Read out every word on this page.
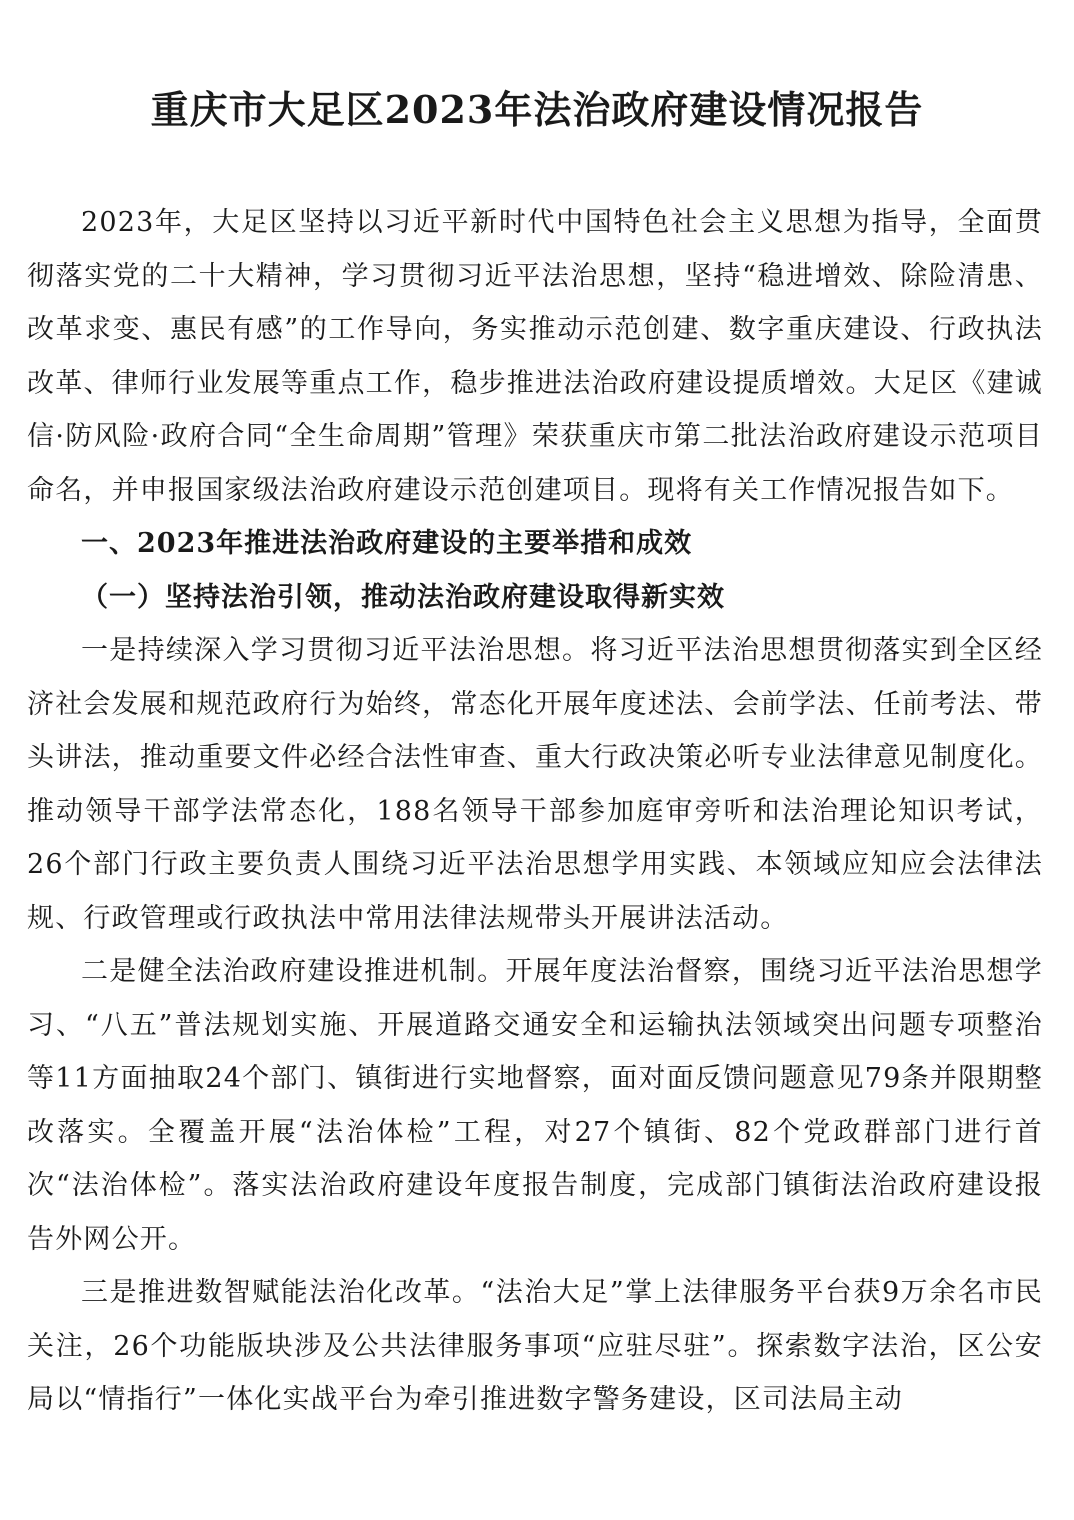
重庆市大足区2023年法治政府建设情况报告

2023年，大足区坚持以习近平新时代中国特色社会主义思想为指导，全面贯彻落实党的二十大精神，学习贯彻习近平法治思想，坚持“稳进增效、除险清患、改革求变、惠民有感”的工作导向，务实推动示范创建、数字重庆建设、行政执法改革、律师行业发展等重点工作，稳步推进法治政府建设提质增效。大足区《建诚信·防风险·政府合同“全生命周期”管理》荣获重庆市第二批法治政府建设示范项目命名，并申报国家级法治政府建设示范创建项目。现将有关工作情况报告如下。

一、2023年推进法治政府建设的主要举措和成效

（一）坚持法治引领，推动法治政府建设取得新实效

一是持续深入学习贯彻习近平法治思想。将习近平法治思想贯彻落实到全区经济社会发展和规范政府行为始终，常态化开展年度述法、会前学法、任前考法、带头讲法，推动重要文件必经合法性审查、重大行政决策必听专业法律意见制度化。推动领导干部学法常态化，188名领导干部参加庭审旁听和法治理论知识考试，26个部门行政主要负责人围绕习近平法治思想学用实践、本领域应知应会法律法规、行政管理或行政执法中常用法律法规带头开展讲法活动。

二是健全法治政府建设推进机制。开展年度法治督察，围绕习近平法治思想学习、“八五”普法规划实施、开展道路交通安全和运输执法领域突出问题专项整治等11方面抽取24个部门、镇街进行实地督察，面对面反馈问题意见79条并限期整改落实。全覆盖开展“法治体检”工程，对27个镇街、82个党政群部门进行首次“法治体检”。落实法治政府建设年度报告制度，完成部门镇街法治政府建设报告外网公开。

三是推进数智赋能法治化改革。“法治大足”掌上法律服务平台获9万余名市民关注，26个功能版块涉及公共法律服务事项“应驻尽驻”。探索数字法治，区公安局以“情指行”一体化实战平台为牵引推进数字警务建设，区司法局主动
